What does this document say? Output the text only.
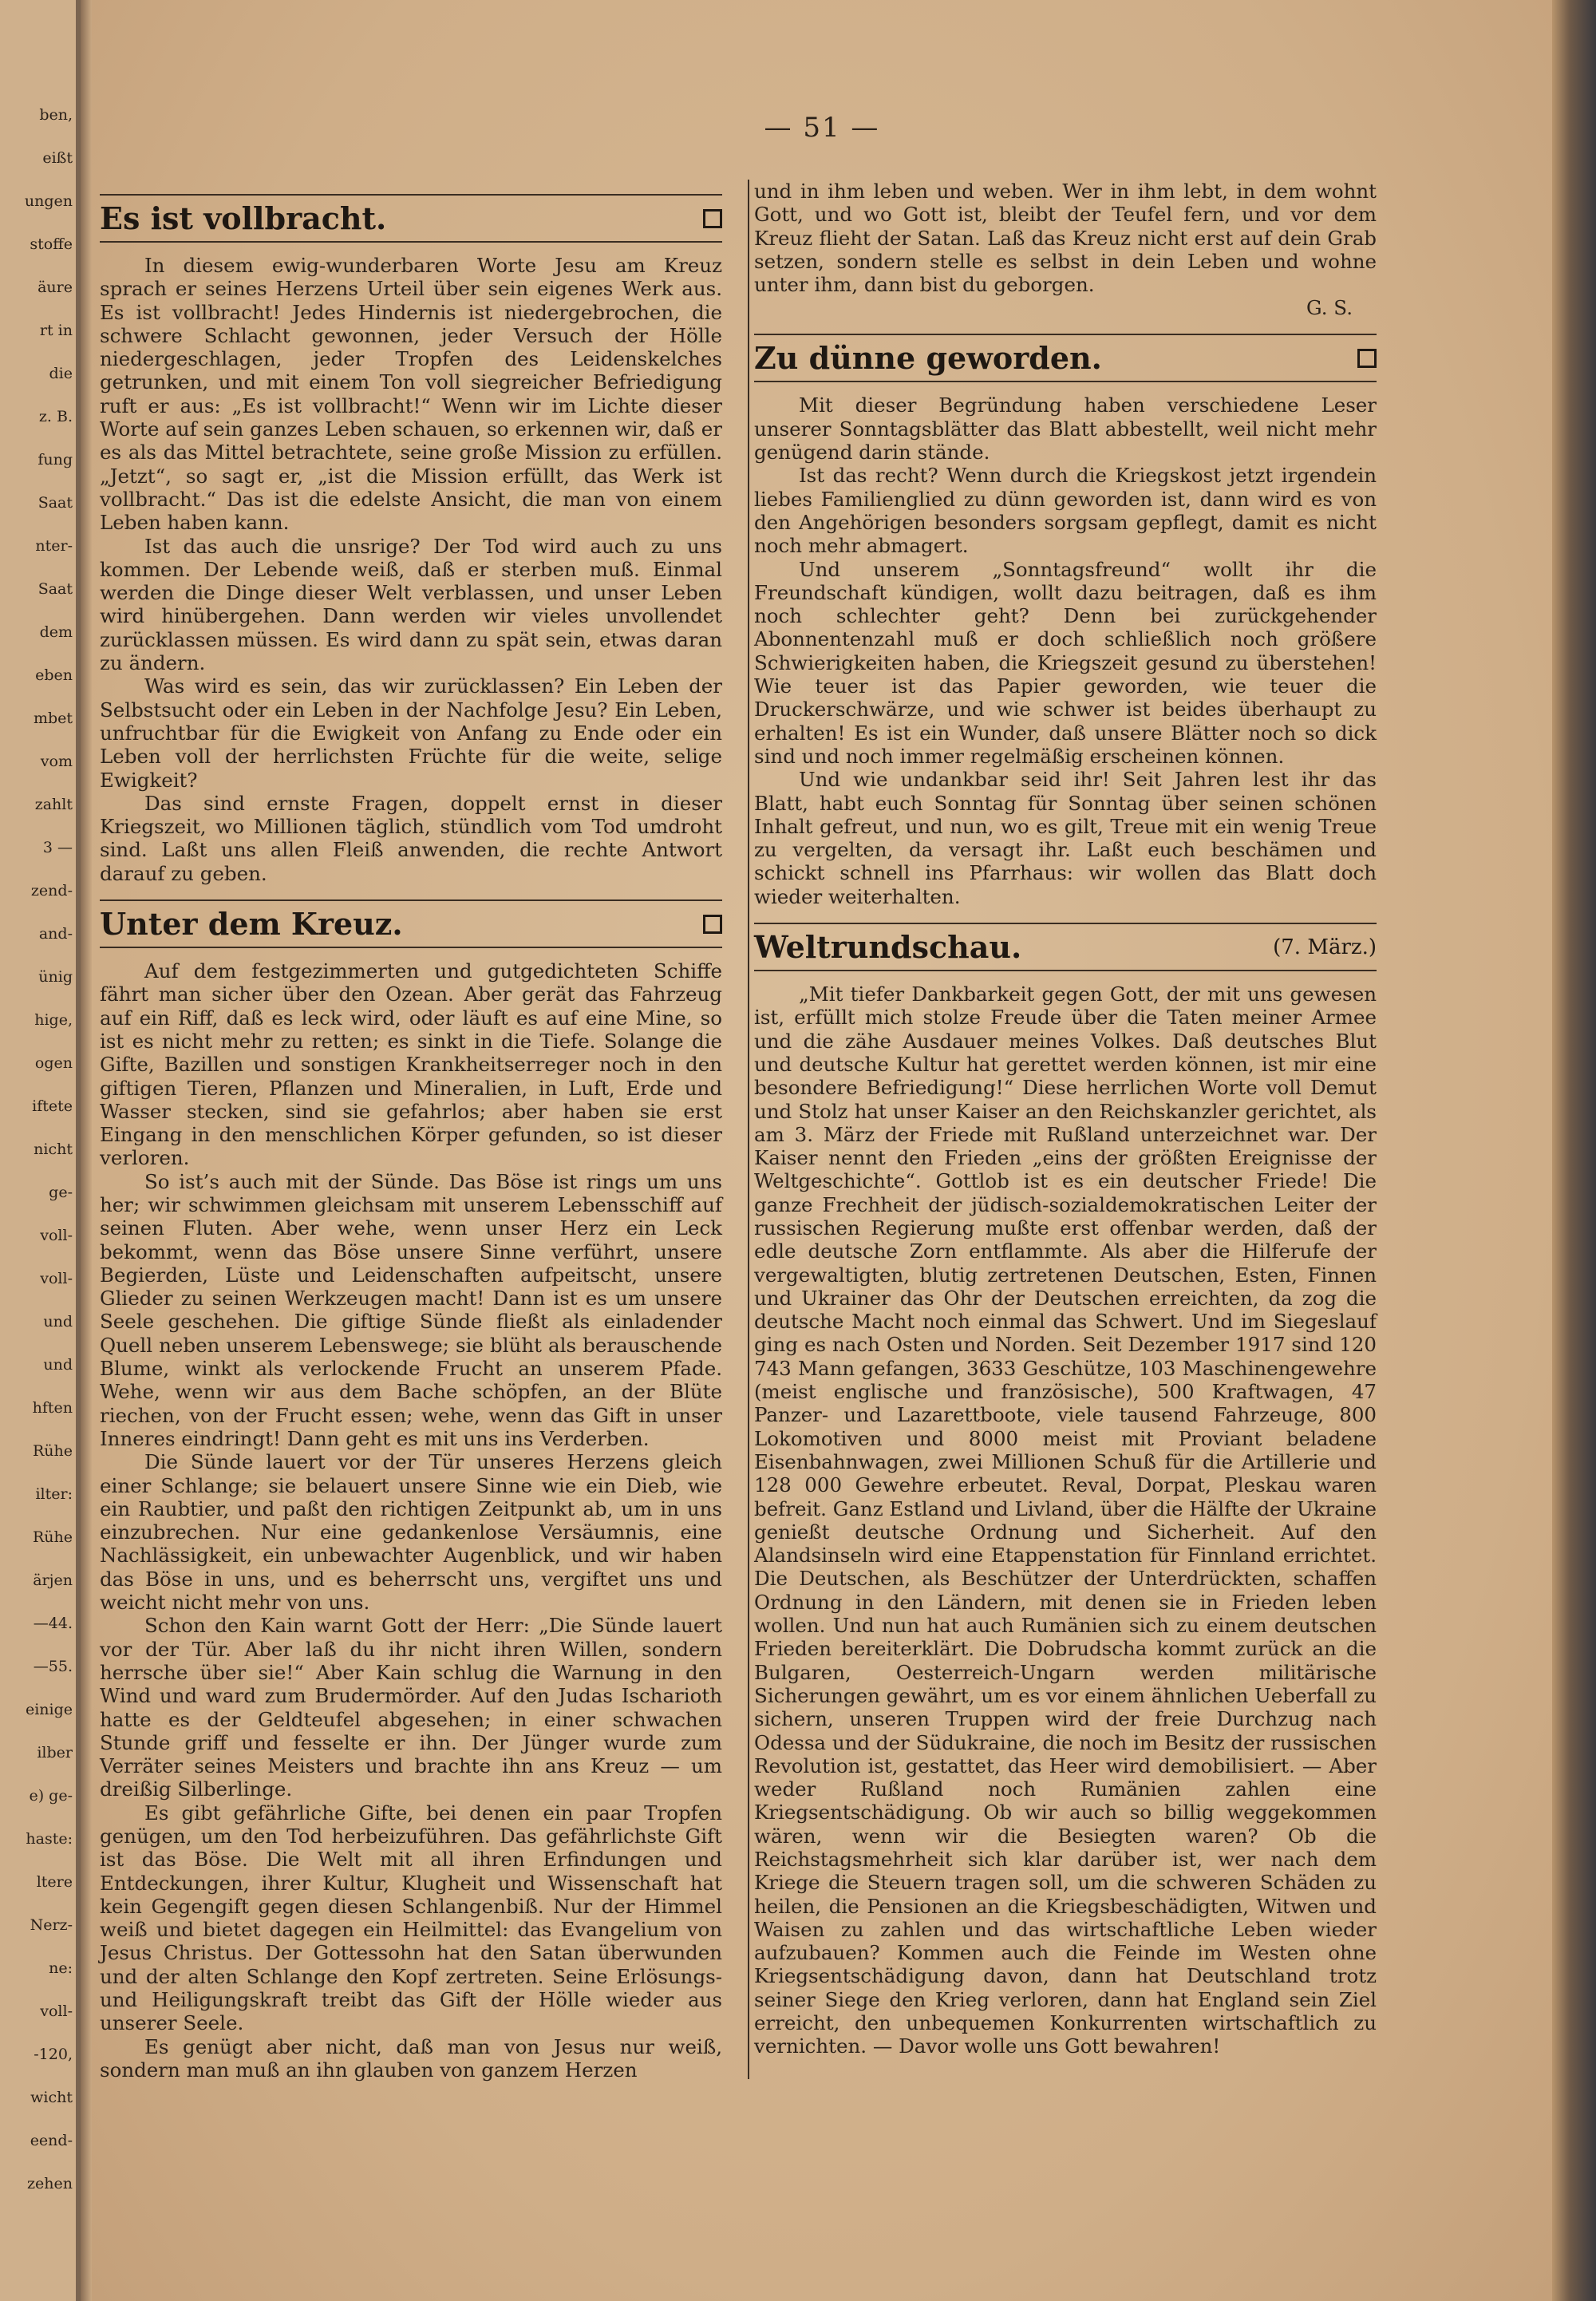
ben,
eißt
ungen
stoffe
äure
rt in
die
z. B.
fung
Saat
nter-
Saat
dem
eben
mbet
vom
zahlt
3 —
zend-
and-
ünig
hige,
ogen
iftete
nicht
ge-
voll-
voll-
und
und
hften
Rühe
ilter:
Rühe
ärjen
—44.
—55.
einige
ilber
e) ge-
haste:
ltere
Nerz-
ne:
voll-
-120,
wicht
eend-
zehen
— 51 —
Es ist vollbracht.

In diesem ewig-wunderbaren Worte Jesu am Kreuz sprach er seines Herzens Urteil über sein eigenes Werk aus. Es ist vollbracht! Jedes Hindernis ist niedergebrochen, die schwere Schlacht gewonnen, jeder Versuch der Hölle niedergeschlagen, jeder Tropfen des Leidenskelches getrunken, und mit einem Ton voll siegreicher Befriedigung ruft er aus: „Es ist vollbracht!“ Wenn wir im Lichte dieser Worte auf sein ganzes Leben schauen, so erkennen wir, daß er es als das Mittel betrachtete, seine große Mission zu erfüllen. „Jetzt“, so sagt er, „ist die Mission erfüllt, das Werk ist vollbracht.“ Das ist die edelste Ansicht, die man von einem Leben haben kann.

Ist das auch die unsrige? Der Tod wird auch zu uns kommen. Der Lebende weiß, daß er sterben muß. Einmal werden die Dinge dieser Welt verblassen, und unser Leben wird hinübergehen. Dann werden wir vieles unvollendet zurücklassen müssen. Es wird dann zu spät sein, etwas daran zu ändern.

Was wird es sein, das wir zurücklassen? Ein Leben der Selbstsucht oder ein Leben in der Nachfolge Jesu? Ein Leben, unfruchtbar für die Ewigkeit von Anfang zu Ende oder ein Leben voll der herrlichsten Früchte für die weite, selige Ewigkeit?

Das sind ernste Fragen, doppelt ernst in dieser Kriegszeit, wo Millionen täglich, stündlich vom Tod umdroht sind. Laßt uns allen Fleiß anwenden, die rechte Antwort darauf zu geben.

Unter dem Kreuz.

Auf dem festgezimmerten und gutgedichteten Schiffe fährt man sicher über den Ozean. Aber gerät das Fahrzeug auf ein Riff, daß es leck wird, oder läuft es auf eine Mine, so ist es nicht mehr zu retten; es sinkt in die Tiefe. Solange die Gifte, Bazillen und sonstigen Krankheitserreger noch in den giftigen Tieren, Pflanzen und Mineralien, in Luft, Erde und Wasser stecken, sind sie gefahrlos; aber haben sie erst Eingang in den menschlichen Körper gefunden, so ist dieser verloren.

So ist’s auch mit der Sünde. Das Böse ist rings um uns her; wir schwimmen gleichsam mit unserem Lebensschiff auf seinen Fluten. Aber wehe, wenn unser Herz ein Leck bekommt, wenn das Böse unsere Sinne verführt, unsere Begierden, Lüste und Leidenschaften aufpeitscht, unsere Glieder zu seinen Werkzeugen macht! Dann ist es um unsere Seele geschehen. Die giftige Sünde fließt als einladender Quell neben unserem Lebenswege; sie blüht als berauschende Blume, winkt als verlockende Frucht an unserem Pfade. Wehe, wenn wir aus dem Bache schöpfen, an der Blüte riechen, von der Frucht essen; wehe, wenn das Gift in unser Inneres eindringt! Dann geht es mit uns ins Verderben.

Die Sünde lauert vor der Tür unseres Herzens gleich einer Schlange; sie belauert unsere Sinne wie ein Dieb, wie ein Raubtier, und paßt den richtigen Zeitpunkt ab, um in uns einzubrechen. Nur eine gedankenlose Versäumnis, eine Nachlässigkeit, ein unbewachter Augenblick, und wir haben das Böse in uns, und es beherrscht uns, vergiftet uns und weicht nicht mehr von uns.

Schon den Kain warnt Gott der Herr: „Die Sünde lauert vor der Tür. Aber laß du ihr nicht ihren Willen, sondern herrsche über sie!“ Aber Kain schlug die Warnung in den Wind und ward zum Brudermörder. Auf den Judas Ischarioth hatte es der Geldteufel abgesehen; in einer schwachen Stunde griff und fesselte er ihn. Der Jünger wurde zum Verräter seines Meisters und brachte ihn ans Kreuz — um dreißig Silberlinge.

Es gibt gefährliche Gifte, bei denen ein paar Tropfen genügen, um den Tod herbeizuführen. Das gefährlichste Gift ist das Böse. Die Welt mit all ihren Erfindungen und Entdeckungen, ihrer Kultur, Klugheit und Wissenschaft hat kein Gegengift gegen diesen Schlangenbiß. Nur der Himmel weiß und bietet dagegen ein Heilmittel: das Evangelium von Jesus Christus. Der Gottessohn hat den Satan überwunden und der alten Schlange den Kopf zertreten. Seine Erlösungs- und Heiligungskraft treibt das Gift der Hölle wieder aus unserer Seele.

Es genügt aber nicht, daß man von Jesus nur weiß, sondern man muß an ihn glauben von ganzem Herzen

und in ihm leben und weben. Wer in ihm lebt, in dem wohnt Gott, und wo Gott ist, bleibt der Teufel fern, und vor dem Kreuz flieht der Satan. Laß das Kreuz nicht erst auf dein Grab setzen, sondern stelle es selbst in dein Leben und wohne unter ihm, dann bist du geborgen.

G. S.

Zu dünne geworden.

Mit dieser Begründung haben verschiedene Leser unserer Sonntagsblätter das Blatt abbestellt, weil nicht mehr genügend darin stände.

Ist das recht? Wenn durch die Kriegskost jetzt irgendein liebes Familienglied zu dünn geworden ist, dann wird es von den Angehörigen besonders sorgsam gepflegt, damit es nicht noch mehr abmagert.

Und unserem „Sonntagsfreund“ wollt ihr die Freundschaft kündigen, wollt dazu beitragen, daß es ihm noch schlechter geht? Denn bei zurückgehender Abonnentenzahl muß er doch schließlich noch größere Schwierigkeiten haben, die Kriegszeit gesund zu überstehen! Wie teuer ist das Papier geworden, wie teuer die Druckerschwärze, und wie schwer ist beides überhaupt zu erhalten! Es ist ein Wunder, daß unsere Blätter noch so dick sind und noch immer regelmäßig erscheinen können.

Und wie undankbar seid ihr! Seit Jahren lest ihr das Blatt, habt euch Sonntag für Sonntag über seinen schönen Inhalt gefreut, und nun, wo es gilt, Treue mit ein wenig Treue zu vergelten, da versagt ihr. Laßt euch beschämen und schickt schnell ins Pfarrhaus: wir wollen das Blatt doch wieder weiterhalten.

Weltrundschau.	(7. März.)

„Mit tiefer Dankbarkeit gegen Gott, der mit uns gewesen ist, erfüllt mich stolze Freude über die Taten meiner Armee und die zähe Ausdauer meines Volkes. Daß deutsches Blut und deutsche Kultur hat gerettet werden können, ist mir eine besondere Befriedigung!“ Diese herrlichen Worte voll Demut und Stolz hat unser Kaiser an den Reichskanzler gerichtet, als am 3. März der Friede mit Rußland unterzeichnet war. Der Kaiser nennt den Frieden „eins der größten Ereignisse der Weltgeschichte“. Gottlob ist es ein deutscher Friede! Die ganze Frechheit der jüdisch-sozialdemokratischen Leiter der russischen Regierung mußte erst offenbar werden, daß der edle deutsche Zorn entflammte. Als aber die Hilferufe der vergewaltigten, blutig zertretenen Deutschen, Esten, Finnen und Ukrainer das Ohr der Deutschen erreichten, da zog die deutsche Macht noch einmal das Schwert. Und im Siegeslauf ging es nach Osten und Norden. Seit Dezember 1917 sind 120 743 Mann gefangen, 3633 Geschütze, 103 Maschinengewehre (meist englische und französische), 500 Kraftwagen, 47 Panzer- und Lazarettboote, viele tausend Fahrzeuge, 800 Lokomotiven und 8000 meist mit Proviant beladene Eisenbahnwagen, zwei Millionen Schuß für die Artillerie und 128 000 Gewehre erbeutet. Reval, Dorpat, Pleskau waren befreit. Ganz Estland und Livland, über die Hälfte der Ukraine genießt deutsche Ordnung und Sicherheit. Auf den Alandsinseln wird eine Etappenstation für Finnland errichtet. Die Deutschen, als Beschützer der Unterdrückten, schaffen Ordnung in den Ländern, mit denen sie in Frieden leben wollen. Und nun hat auch Rumänien sich zu einem deutschen Frieden bereiterklärt. Die Dobrudscha kommt zurück an die Bulgaren, Oesterreich-Ungarn werden militärische Sicherungen gewährt, um es vor einem ähnlichen Ueberfall zu sichern, unseren Truppen wird der freie Durchzug nach Odessa und der Südukraine, die noch im Besitz der russischen Revolution ist, gestattet, das Heer wird demobilisiert. — Aber weder Rußland noch Rumänien zahlen eine Kriegsentschädigung. Ob wir auch so billig weggekommen wären, wenn wir die Besiegten waren? Ob die Reichstagsmehrheit sich klar darüber ist, wer nach dem Kriege die Steuern tragen soll, um die schweren Schäden zu heilen, die Pensionen an die Kriegsbeschädigten, Witwen und Waisen zu zahlen und das wirtschaftliche Leben wieder aufzubauen? Kommen auch die Feinde im Westen ohne Kriegsentschädigung davon, dann hat Deutschland trotz seiner Siege den Krieg verloren, dann hat England sein Ziel erreicht, den unbequemen Konkurrenten wirtschaftlich zu vernichten. — Davor wolle uns Gott bewahren!
